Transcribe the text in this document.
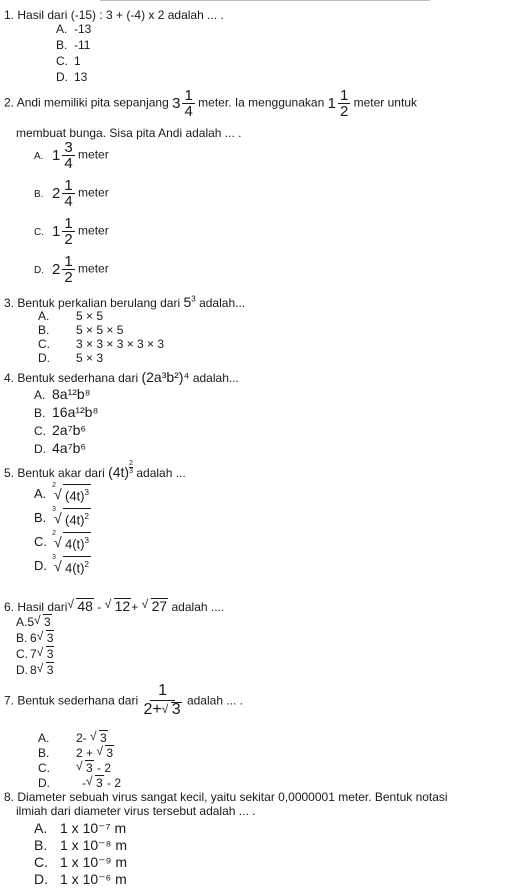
1. Hasil dari (-15) : 3 + (-4) x 2 adalah ... .
A. -13
B. -11
C. 1
D. 13
2. Andi memiliki pita sepanjang $3 \frac{1}{4}$ meter. Ia menggunakan $1 \frac{1}{2}$ meter untuk
membuat bunga. Sisa pita Andi adalah ... .
A. $1 \frac{3}{4}$ meter
B. $2 \frac{1}{4}$ meter
C. $1 \frac{1}{2}$ meter
D. $2 \frac{1}{2}$ meter
3. Bentuk perkalian berulang dari $5^3$ adalah...
A. 5 × 5
B. 5 × 5 × 5
C. 3 × 3 × 3 × 3 × 3
D. 5 × 3
4. Bentuk sederhana dari (2a³b²)⁴ adalah...
A. 8a¹²b⁸
B. 16a¹²b⁸
C. 2a⁷b⁶
D. 4a⁷b⁶
5. Bentuk akar dari $(4t) \frac{2}{3}$ adalah ...
A.
2
√ $(4t)^3$
B.
3
√ $(4t)^2$
C.
2
√ $4(t)^3$
D.
3
√ $4(t)^2$
6. Hasil dari √ 48 - √ 12+ √ 27 adalah ....
A.5 √ 3
B. 6 √ 3
C. 7 √ 3
D. 8 √ 3
7. Bentuk sederhana dari $\frac{1}{2+ √ 3}$ adalah ... .
A. 2- √ 3
B. 2 + √ 3
C.	√ 3 - 2
D.	- √ 3 - 2
8. Diameter sebuah virus sangat kecil, yaitu sekitar 0,0000001 meter. Bentuk notasi
ilmiah dari diameter virus tersebut adalah ... .
A. 1 x 10⁻⁷ m
B. 1 x 10⁻⁸ m
C. 1 x 10⁻⁹ m
D. 1 x 10⁻⁶ m
